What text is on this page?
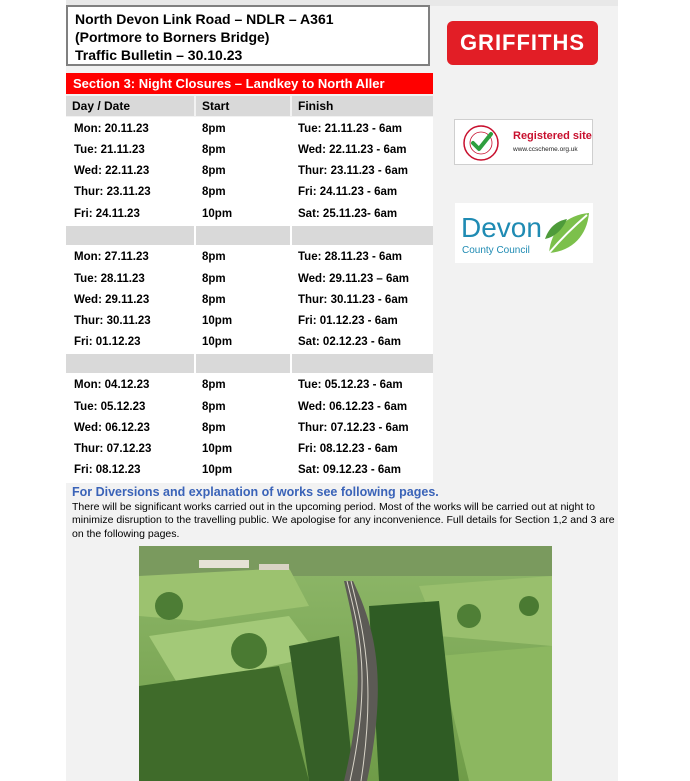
North Devon Link Road – NDLR – A361
(Portmore to Borners Bridge)
Traffic Bulletin – 30.10.23	GRIFFITHS
Section 3: Night Closures – Landkey to North Aller
Day / Date	Start	Finish
Mon: 20.11.23	8pm	Tue: 21.11.23 - 6am
Tue: 21.11.23	8pm	Wed: 22.11.23 - 6am
Wed: 22.11.23	8pm	Thur: 23.11.23 - 6am
Thur: 23.11.23	8pm	Fri: 24.11.23 - 6am
Fri: 24.11.23	10pm	Sat: 25.11.23- 6am
Mon: 27.11.23	8pm	Tue: 28.11.23 - 6am
Tue: 28.11.23	8pm	Wed: 29.11.23 – 6am
Wed: 29.11.23	8pm	Thur: 30.11.23 - 6am
Thur: 30.11.23	10pm	Fri: 01.12.23 - 6am
Fri: 01.12.23	10pm	Sat: 02.12.23 - 6am
Mon: 04.12.23	8pm	Tue: 05.12.23 - 6am
Tue: 05.12.23	8pm	Wed: 06.12.23 - 6am
Wed: 06.12.23	8pm	Thur: 07.12.23 - 6am
Thur: 07.12.23	10pm	Fri: 08.12.23 - 6am
Fri: 08.12.23	10pm	Sat: 09.12.23 - 6am
Registered site
www.ccscheme.org.uk
Devon
County Council
For Diversions and explanation of works see following pages.
There will be significant works carried out in the upcoming period. Most of the works will be carried out at night to minimize disruption to the travelling public. We apologise for any inconvenience. Full details for Section 1,2 and 3 are on the following pages.
